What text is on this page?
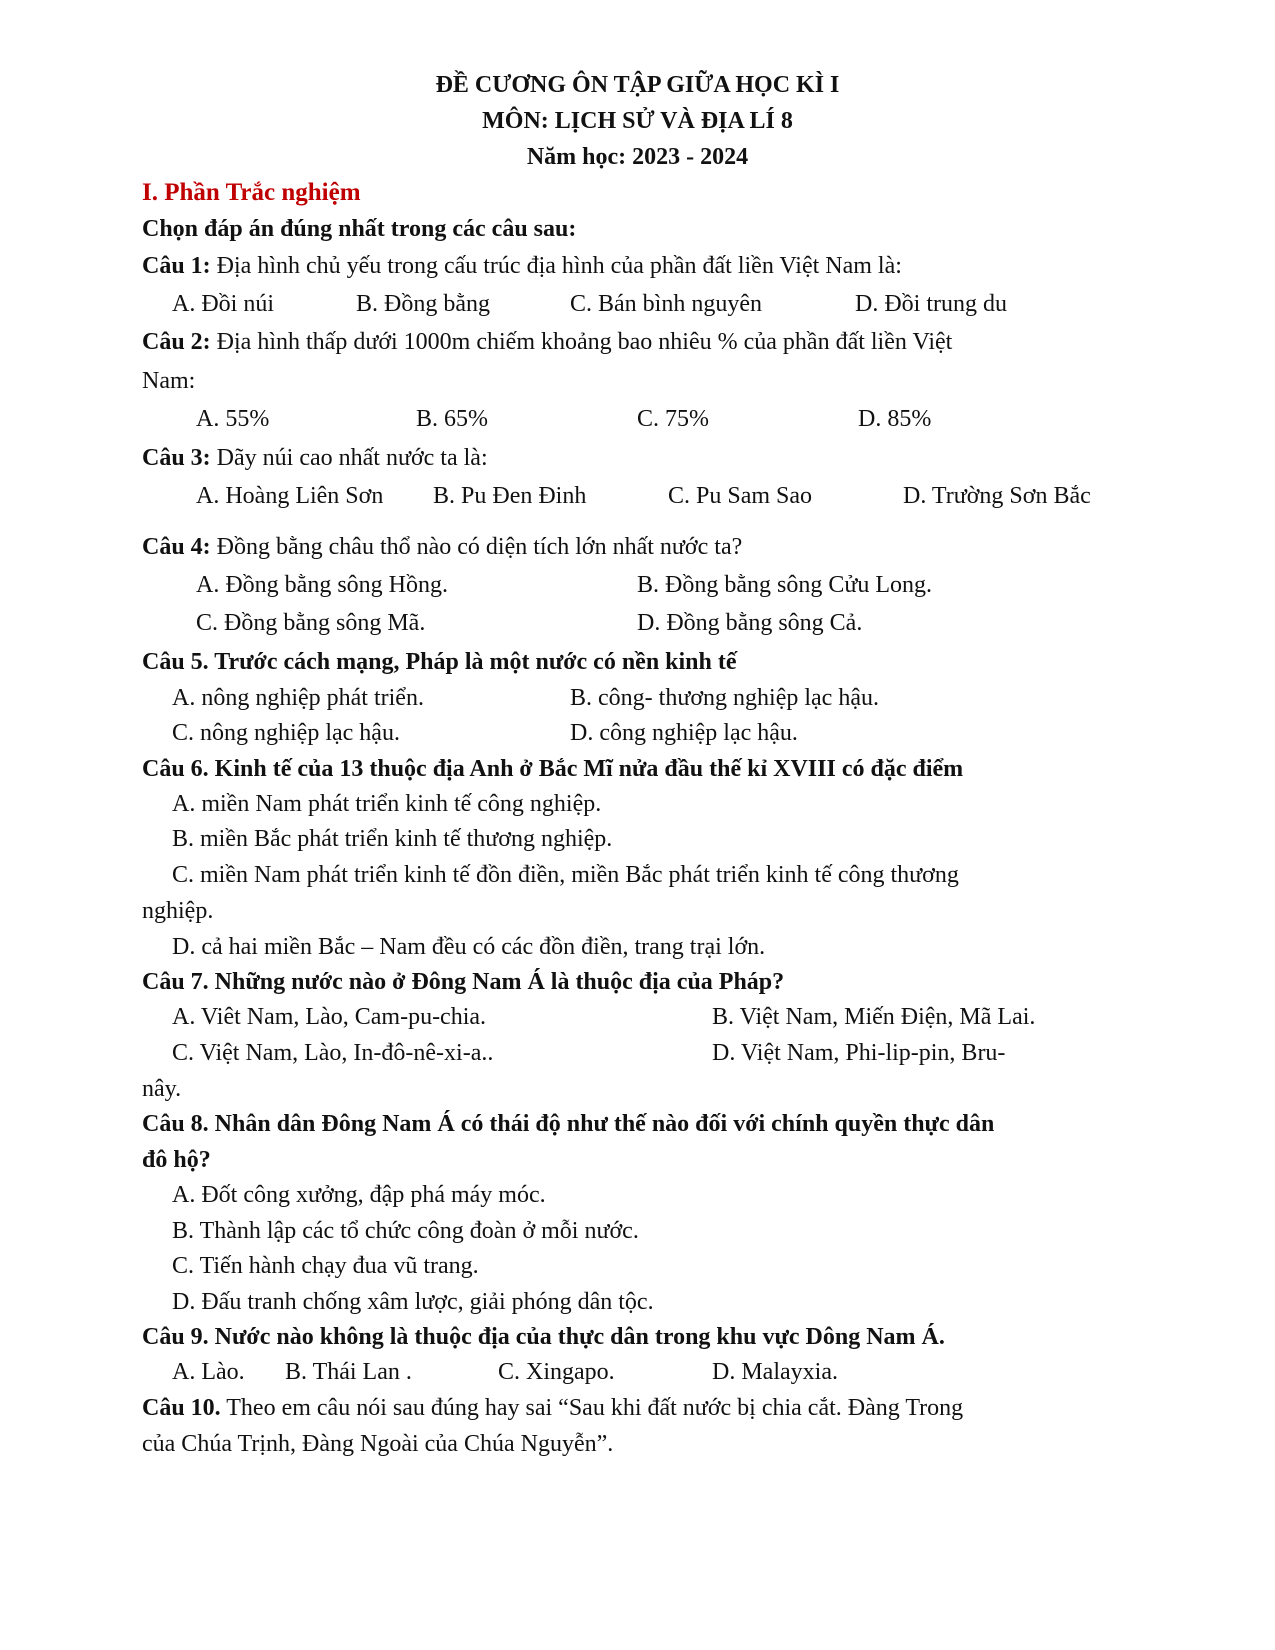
ĐỀ CƯƠNG ÔN TẬP GIỮA HỌC KÌ I
MÔN: LỊCH SỬ VÀ ĐỊA LÍ 8
Năm học: 2023 - 2024
I. Phần Trắc nghiệm
Chọn đáp án đúng nhất trong các câu sau:
Câu 1: Địa hình chủ yếu trong cấu trúc địa hình của phần đất liền Việt Nam là:
A. Đồi núi	B. Đồng bằng	C. Bán bình nguyên	D. Đồi trung du
Câu 2: Địa hình thấp dưới 1000m chiếm khoảng bao nhiêu % của phần đất liền Việt
Nam:
A. 55%	B. 65%	C. 75%	D. 85%
Câu 3: Dãy núi cao nhất nước ta là:
A. Hoàng Liên Sơn B. Pu Đen Đinh	C. Pu Sam Sao	D. Trường Sơn Bắc
Câu 4: Đồng bằng châu thổ nào có diện tích lớn nhất nước ta?
A. Đồng bằng sông Hồng.	B. Đồng bằng sông Cửu Long.
C. Đồng bằng sông Mã.	D. Đồng bằng sông Cả.
Câu 5. Trước cách mạng, Pháp là một nước có nền kinh tế
A. nông nghiệp phát triển.	B. công- thương nghiệp lạc hậu.
C. nông nghiệp lạc hậu.	D. công nghiệp lạc hậu.
Câu 6. Kinh tế của 13 thuộc địa Anh ở Bắc Mĩ nửa đầu thế kỉ XVIII có đặc điểm
A. miền Nam phát triển kinh tế công nghiệp.
B. miền Bắc phát triển kinh tế thương nghiệp.
C. miền Nam phát triển kinh tế đồn điền, miền Bắc phát triển kinh tế công thương
nghiệp.
D. cả hai miền Bắc – Nam đều có các đồn điền, trang trại lớn.
Câu 7. Những nước nào ở Đông Nam Á là thuộc địa của Pháp?
A. Viêt Nam, Lào, Cam-pu-chia.	B. Việt Nam, Miến Điện, Mã Lai.
C. Việt Nam, Lào, In-đô-nê-xi-a..	D. Việt Nam, Phi-lip-pin, Bru-
nây.
Câu 8. Nhân dân Đông Nam Á có thái độ như thế nào đối với chính quyền thực dân
đô hộ?
A. Đốt công xưởng, đập phá máy móc.
B. Thành lập các tổ chức công đoàn ở mỗi nước.
C. Tiến hành chạy đua vũ trang.
D. Đấu tranh chống xâm lược, giải phóng dân tộc.
Câu 9. Nước nào không là thuộc địa của thực dân trong khu vực Dông Nam Á.
A. Lào. B. Thái Lan .	C. Xingapo.	D. Malayxia.
Câu 10. Theo em câu nói sau đúng hay sai “Sau khi đất nước bị chia cắt. Đàng Trong
của Chúa Trịnh, Đàng Ngoài của Chúa Nguyễn”.
